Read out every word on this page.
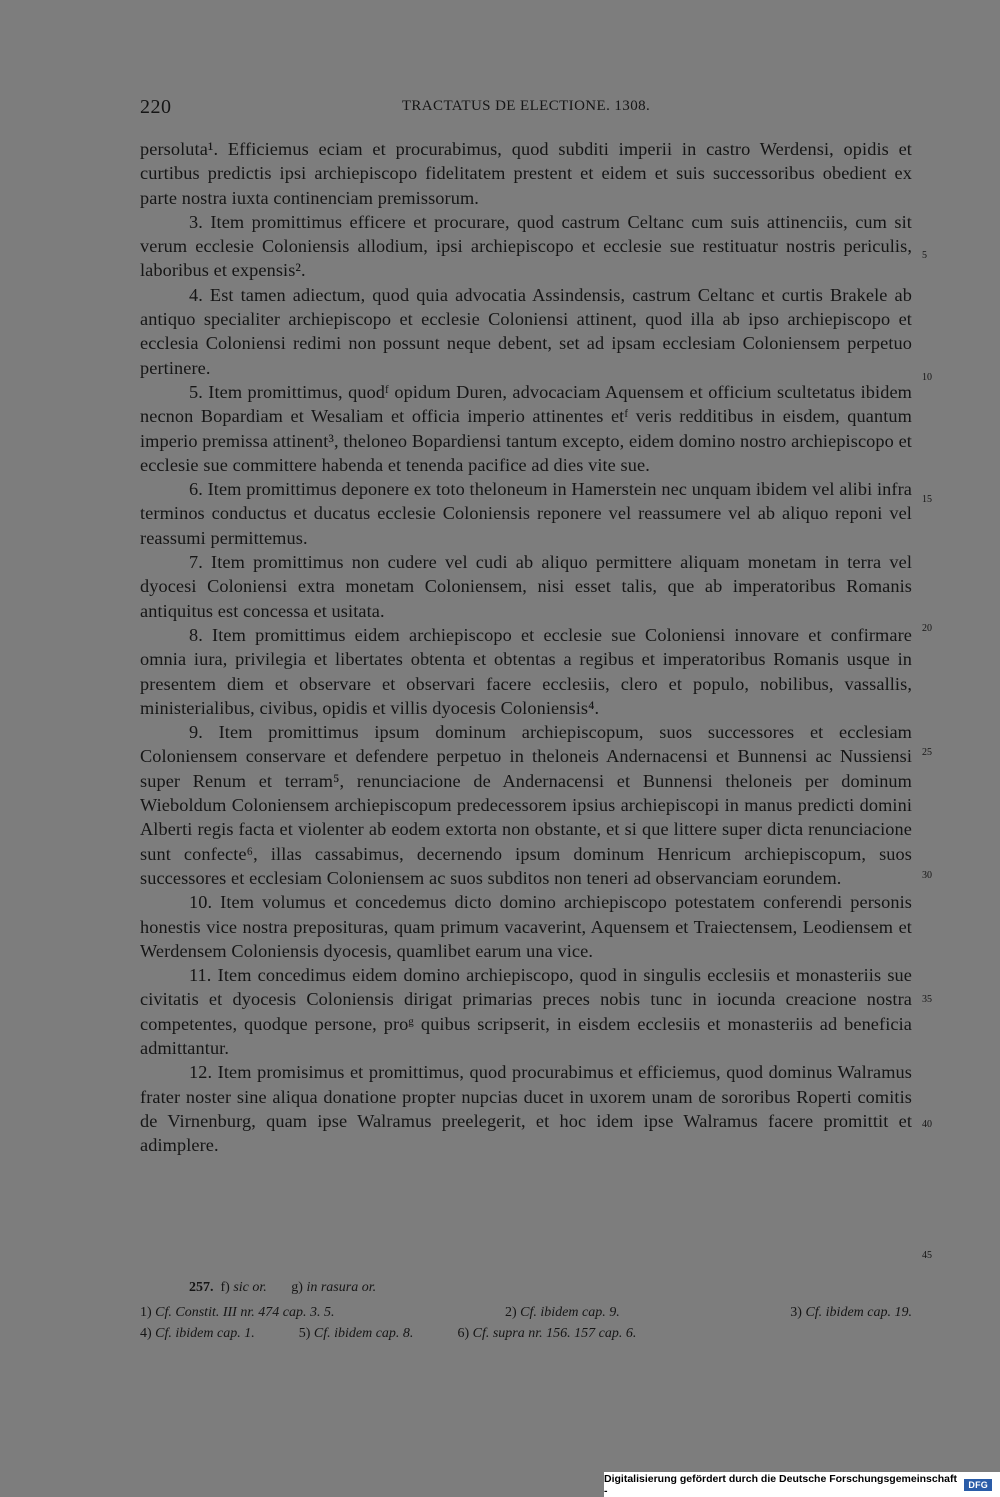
220	TRACTATUS DE ELECTIONE. 1308.

persoluta¹. Efficiemus eciam et procurabimus, quod subditi imperii in castro Werdensi, opidis et curtibus predictis ipsi archiepiscopo fidelitatem prestent et eidem et suis successoribus obedient ex parte nostra iuxta continenciam premissorum.

3. Item promittimus efficere et procurare, quod castrum Celtanc cum suis attinenciis, cum sit verum ecclesie Coloniensis allodium, ipsi archiepiscopo et ecclesie sue restituatur nostris periculis, laboribus et expensis².

4. Est tamen adiectum, quod quia advocatia Assindensis, castrum Celtanc et curtis Brakele ab antiquo specialiter archiepiscopo et ecclesie Coloniensi attinent, quod illa ab ipso archiepiscopo et ecclesia Coloniensi redimi non possunt neque debent, set ad ipsam ecclesiam Coloniensem perpetuo pertinere.

5. Item promittimus, quodᶠ opidum Duren, advocaciam Aquensem et officium scultetatus ibidem necnon Bopardiam et Wesaliam et officia imperio attinentes etᶠ veris redditibus in eisdem, quantum imperio premissa attinent³, theloneo Bopardiensi tantum excepto, eidem domino nostro archiepiscopo et ecclesie sue committere habenda et tenenda pacifice ad dies vite sue.

6. Item promittimus deponere ex toto theloneum in Hamerstein nec unquam ibidem vel alibi infra terminos conductus et ducatus ecclesie Coloniensis reponere vel reassumere vel ab aliquo reponi vel reassumi permittemus.

7. Item promittimus non cudere vel cudi ab aliquo permittere aliquam monetam in terra vel dyocesi Coloniensi extra monetam Coloniensem, nisi esset talis, que ab imperatoribus Romanis antiquitus est concessa et usitata.

8. Item promittimus eidem archiepiscopo et ecclesie sue Coloniensi innovare et confirmare omnia iura, privilegia et libertates obtenta et obtentas a regibus et imperatoribus Romanis usque in presentem diem et observare et observari facere ecclesiis, clero et populo, nobilibus, vassallis, ministerialibus, civibus, opidis et villis dyocesis Coloniensis⁴.

9. Item promittimus ipsum dominum archiepiscopum, suos successores et ecclesiam Coloniensem conservare et defendere perpetuo in theloneis Andernacensi et Bunnensi ac Nussiensi super Renum et terram⁵, renunciacione de Andernacensi et Bunnensi theloneis per dominum Wieboldum Coloniensem archiepiscopum predecessorem ipsius archiepiscopi in manus predicti domini Alberti regis facta et violenter ab eodem extorta non obstante, et si que littere super dicta renunciacione sunt confecte⁶, illas cassabimus, decernendo ipsum dominum Henricum archiepiscopum, suos successores et ecclesiam Coloniensem ac suos subditos non teneri ad observanciam eorundem.

10. Item volumus et concedemus dicto domino archiepiscopo potestatem conferendi personis honestis vice nostra preposituras, quam primum vacaverint, Aquensem et Traiectensem, Leodiensem et Werdensem Coloniensis dyocesis, quamlibet earum una vice.

11. Item concedimus eidem domino archiepiscopo, quod in singulis ecclesiis et monasteriis sue civitatis et dyocesis Coloniensis dirigat primarias preces nobis tunc in iocunda creacione nostra competentes, quodque persone, proᵍ quibus scripserit, in eisdem ecclesiis et monasteriis ad beneficia admittantur.

12. Item promisimus et promittimus, quod procurabimus et efficiemus, quod dominus Walramus frater noster sine aliqua donatione propter nupcias ducet in uxorem unam de sororibus Roperti comitis de Virnenburg, quam ipse Walramus preelegerit, et hoc idem ipse Walramus facere promittit et adimplere.

5
10
15
20
25
30
35
40
45
257. f) sic or. g) in rasura or.
1) Cf. Constit. III nr. 474 cap. 3. 5.	2) Cf. ibidem cap. 9.	3) Cf. ibidem cap. 19.
4) Cf. ibidem cap. 1.	5) Cf. ibidem cap. 8.	6) Cf. supra nr. 156. 157 cap. 6.
Digitalisierung gefördert durch die Deutsche Forschungsgemeinschaft -	DFG
